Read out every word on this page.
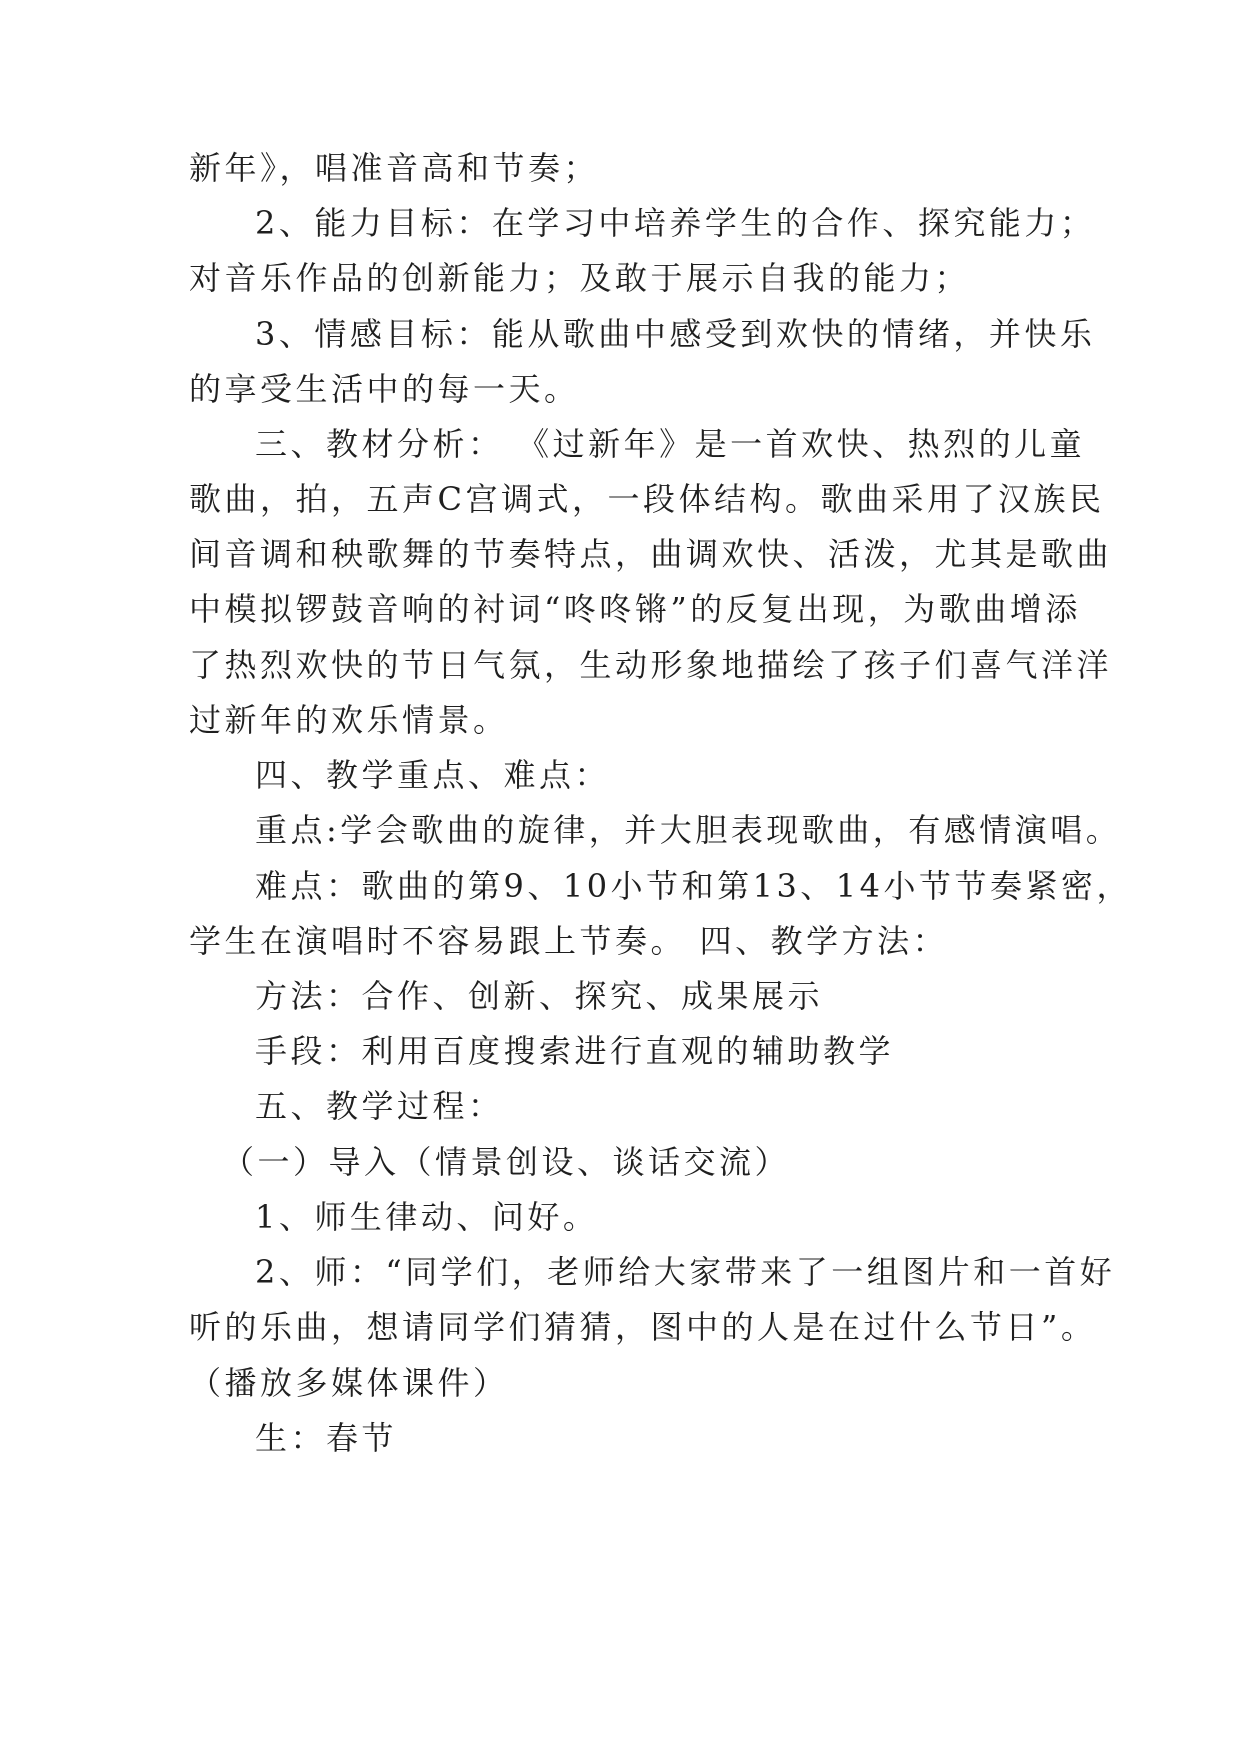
新年》，唱准音高和节奏；
2、能力目标：在学习中培养学生的合作、探究能力；
对音乐作品的创新能力；及敢于展示自我的能力；
3、情感目标：能从歌曲中感受到欢快的情绪，并快乐
的享受生活中的每一天。
三、教材分析： 《过新年》是一首欢快、热烈的儿童
歌曲，拍，五声C宫调式，一段体结构。歌曲采用了汉族民
间音调和秧歌舞的节奏特点，曲调欢快、活泼，尤其是歌曲
中模拟锣鼓音响的衬词“咚咚锵”的反复出现，为歌曲增添
了热烈欢快的节日气氛，生动形象地描绘了孩子们喜气洋洋
过新年的欢乐情景。
四、教学重点、难点：
重点:学会歌曲的旋律，并大胆表现歌曲，有感情演唱。
难点：歌曲的第9、10小节和第13、14小节节奏紧密，
学生在演唱时不容易跟上节奏。 四、教学方法：
方法：合作、创新、探究、成果展示
手段：利用百度搜索进行直观的辅助教学
五、教学过程：
（一）导入（情景创设、谈话交流）
1、师生律动、问好。
2、师：“同学们，老师给大家带来了一组图片和一首好
听的乐曲，想请同学们猜猜，图中的人是在过什么节日”。
（播放多媒体课件）
生：春节
